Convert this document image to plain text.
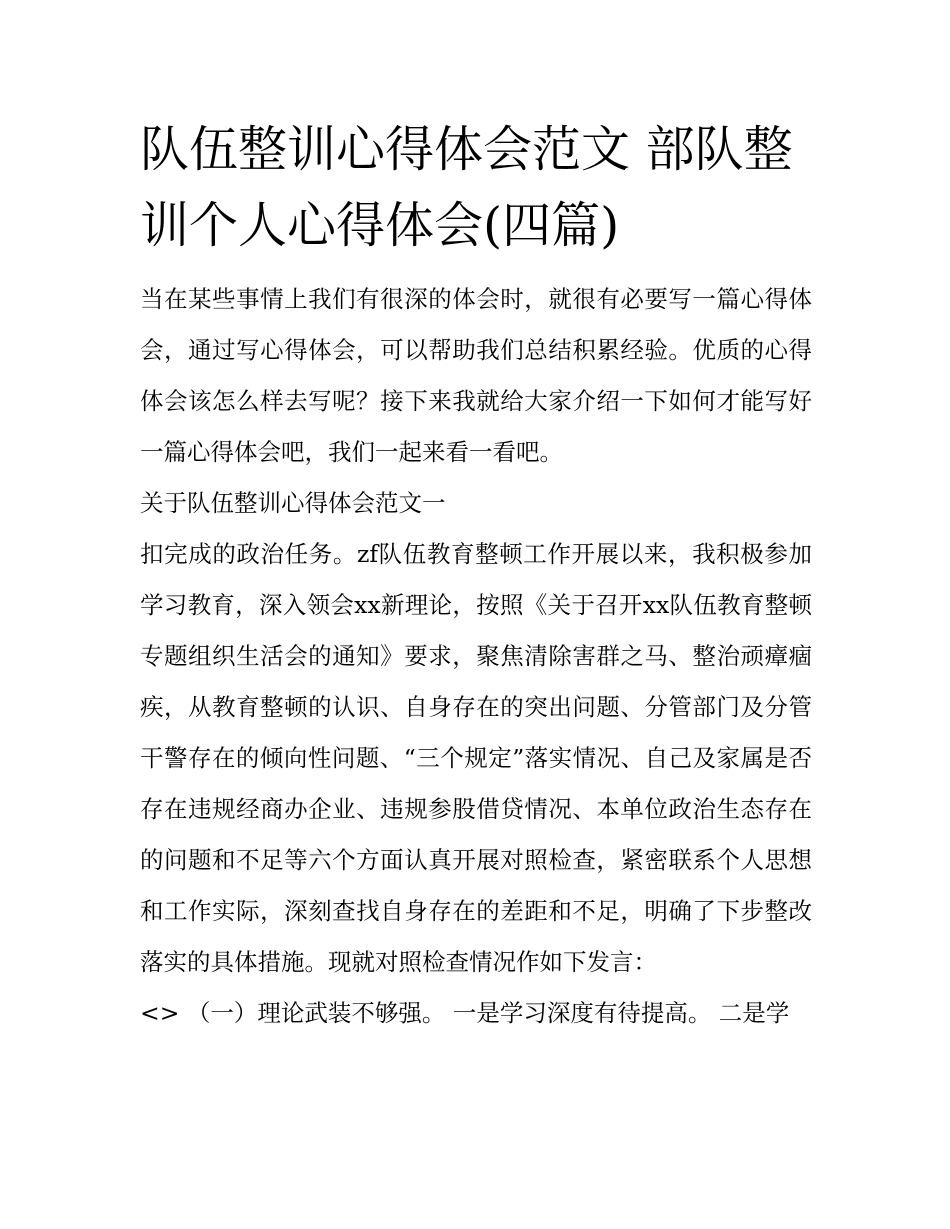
队伍整训心得体会范文 部队整训个人心得体会(四篇)

当在某些事情上我们有很深的体会时，就很有必要写一篇心得体会，通过写心得体会，可以帮助我们总结积累经验。优质的心得体会该怎么样去写呢？接下来我就给大家介绍一下如何才能写好一篇心得体会吧，我们一起来看一看吧。

关于队伍整训心得体会范文一

扣完成的政治任务。zf队伍教育整顿工作开展以来，我积极参加学习教育，深入领会xx新理论，按照《关于召开xx队伍教育整顿专题组织生活会的通知》要求，聚焦清除害群之马、整治顽瘴痼疾，从教育整顿的认识、自身存在的突出问题、分管部门及分管干警存在的倾向性问题、“三个规定”落实情况、自己及家属是否存在违规经商办企业、违规参股借贷情况、本单位政治生态存在的问题和不足等六个方面认真开展对照检查，紧密联系个人思想和工作实际，深刻查找自身存在的差距和不足，明确了下步整改落实的具体措施。现就对照检查情况作如下发言：

<> （一）理论武装不够强。 一是学习深度有待提高。 二是学
